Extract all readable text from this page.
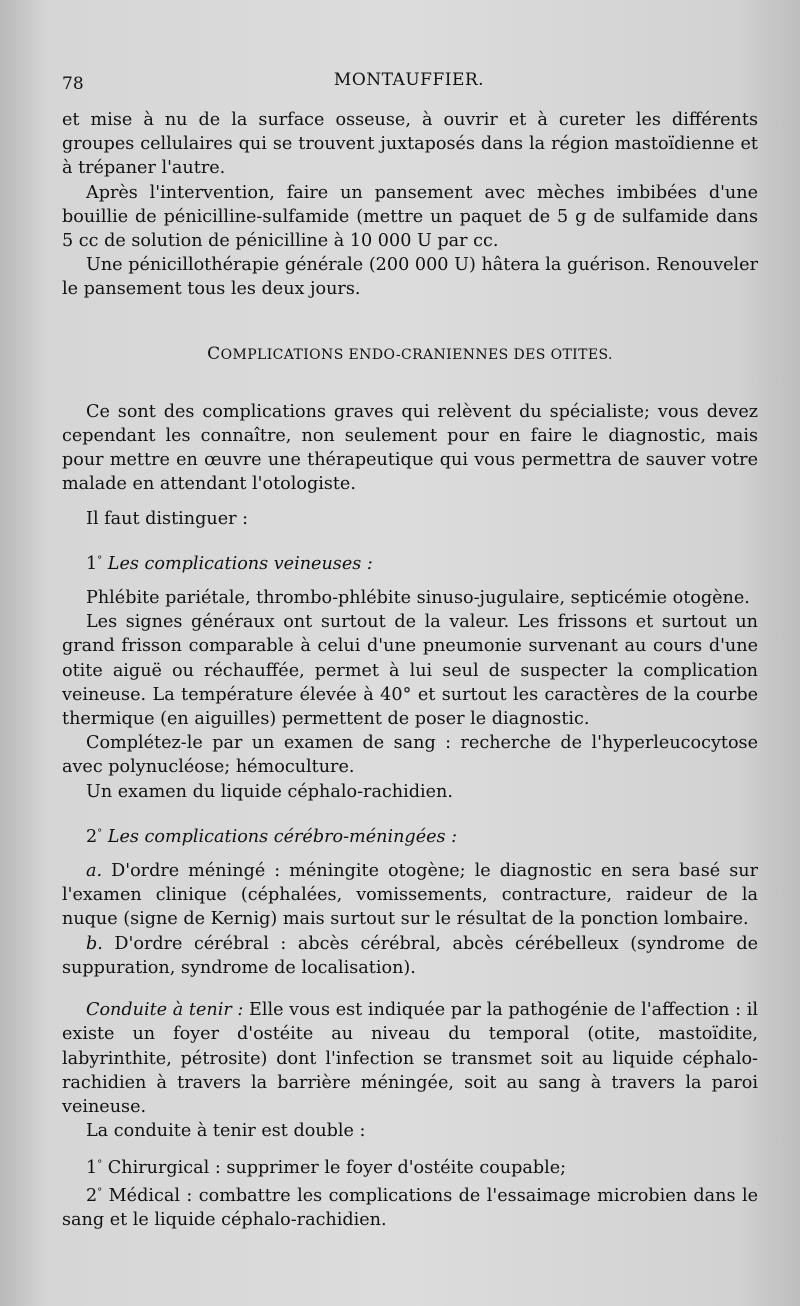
78	MONTAUFFIER.

et mise à nu de la surface osseuse, à ouvrir et à cureter les différents groupes cellulaires qui se trouvent juxtaposés dans la région mastoïdienne et à trépaner l'autre.

Après l'intervention, faire un pansement avec mèches imbibées d'une bouillie de pénicilline-sulfamide (mettre un paquet de 5 g de sulfamide dans 5 cc de solution de pénicilline à 10 000 U par cc.

Une pénicillothérapie générale (200 000 U) hâtera la guérison. Renouveler le pansement tous les deux jours.

COMPLICATIONS ENDO-CRANIENNES DES OTITES.

Ce sont des complications graves qui relèvent du spécialiste; vous devez cependant les connaître, non seulement pour en faire le diagnostic, mais pour mettre en œuvre une thérapeutique qui vous permettra de sauver votre malade en attendant l'otologiste.

Il faut distinguer :

1° Les complications veineuses :

Phlébite pariétale, thrombo-phlébite sinuso-jugulaire, septicémie otogène.

Les signes généraux ont surtout de la valeur. Les frissons et surtout un grand frisson comparable à celui d'une pneumonie survenant au cours d'une otite aiguë ou réchauffée, permet à lui seul de suspecter la complication veineuse. La température élevée à 40° et surtout les caractères de la courbe thermique (en aiguilles) permettent de poser le diagnostic.

Complétez-le par un examen de sang : recherche de l'hyperleucocytose avec polynucléose; hémoculture.

Un examen du liquide céphalo-rachidien.

2° Les complications cérébro-méningées :

a. D'ordre méningé : méningite otogène; le diagnostic en sera basé sur l'examen clinique (céphalées, vomissements, contracture, raideur de la nuque (signe de Kernig) mais surtout sur le résultat de la ponction lombaire.

b. D'ordre cérébral : abcès cérébral, abcès cérébelleux (syndrome de suppuration, syndrome de localisation).

Conduite à tenir : Elle vous est indiquée par la pathogénie de l'affection : il existe un foyer d'ostéite au niveau du temporal (otite, mastoïdite, labyrinthite, pétrosite) dont l'infection se transmet soit au liquide céphalo-rachidien à travers la barrière méningée, soit au sang à travers la paroi veineuse.

La conduite à tenir est double :

1° Chirurgical : supprimer le foyer d'ostéite coupable;

2° Médical : combattre les complications de l'essaimage microbien dans le sang et le liquide céphalo-rachidien.
